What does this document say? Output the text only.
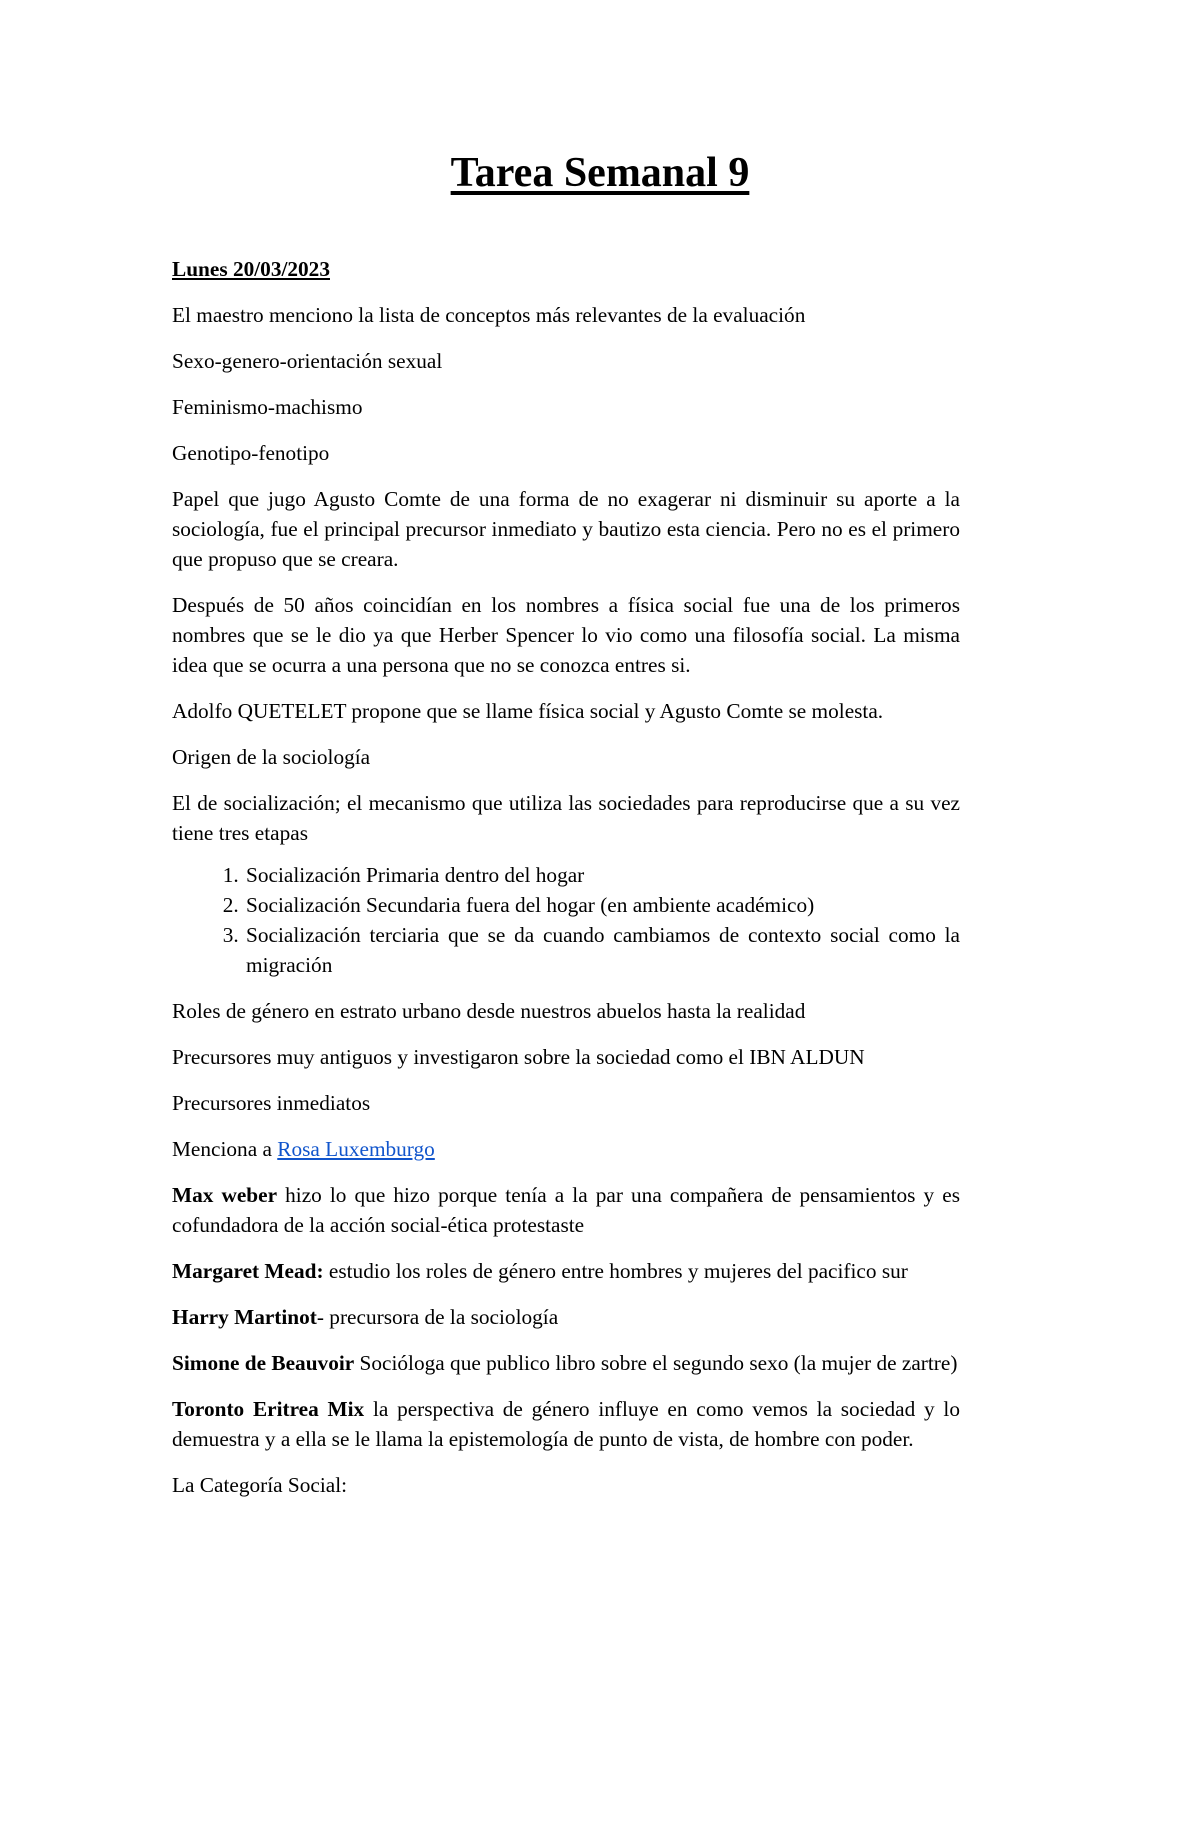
Tarea Semanal 9

Lunes 20/03/2023

El maestro menciono la lista de conceptos más relevantes de la evaluación

Sexo-genero-orientación sexual

Feminismo-machismo

Genotipo-fenotipo

Papel que jugo Agusto Comte de una forma de no exagerar ni disminuir su aporte a la sociología, fue el principal precursor inmediato y bautizo esta ciencia. Pero no es el primero que propuso que se creara.

Después de 50 años coincidían en los nombres a física social fue una de los primeros nombres que se le dio ya que Herber Spencer lo vio como una filosofía social. La misma idea que se ocurra a una persona que no se conozca entres si.

Adolfo QUETELET propone que se llame física social y Agusto Comte se molesta.

Origen de la sociología

El de socialización; el mecanismo que utiliza las sociedades para reproducirse que a su vez tiene tres etapas

1. Socialización Primaria dentro del hogar
2. Socialización Secundaria fuera del hogar (en ambiente académico)
3. Socialización terciaria que se da cuando cambiamos de contexto social como la migración

Roles de género en estrato urbano desde nuestros abuelos hasta la realidad

Precursores muy antiguos y investigaron sobre la sociedad como el IBN ALDUN

Precursores inmediatos

Menciona a Rosa Luxemburgo

Max weber hizo lo que hizo porque tenía a la par una compañera de pensamientos y es cofundadora de la acción social-ética protestaste

Margaret Mead: estudio los roles de género entre hombres y mujeres del pacifico sur

Harry Martinot- precursora de la sociología

Simone de Beauvoir Socióloga que publico libro sobre el segundo sexo (la mujer de zartre)

Toronto Eritrea Mix la perspectiva de género influye en como vemos la sociedad y lo demuestra y a ella se le llama la epistemología de punto de vista, de hombre con poder.

La Categoría Social:
